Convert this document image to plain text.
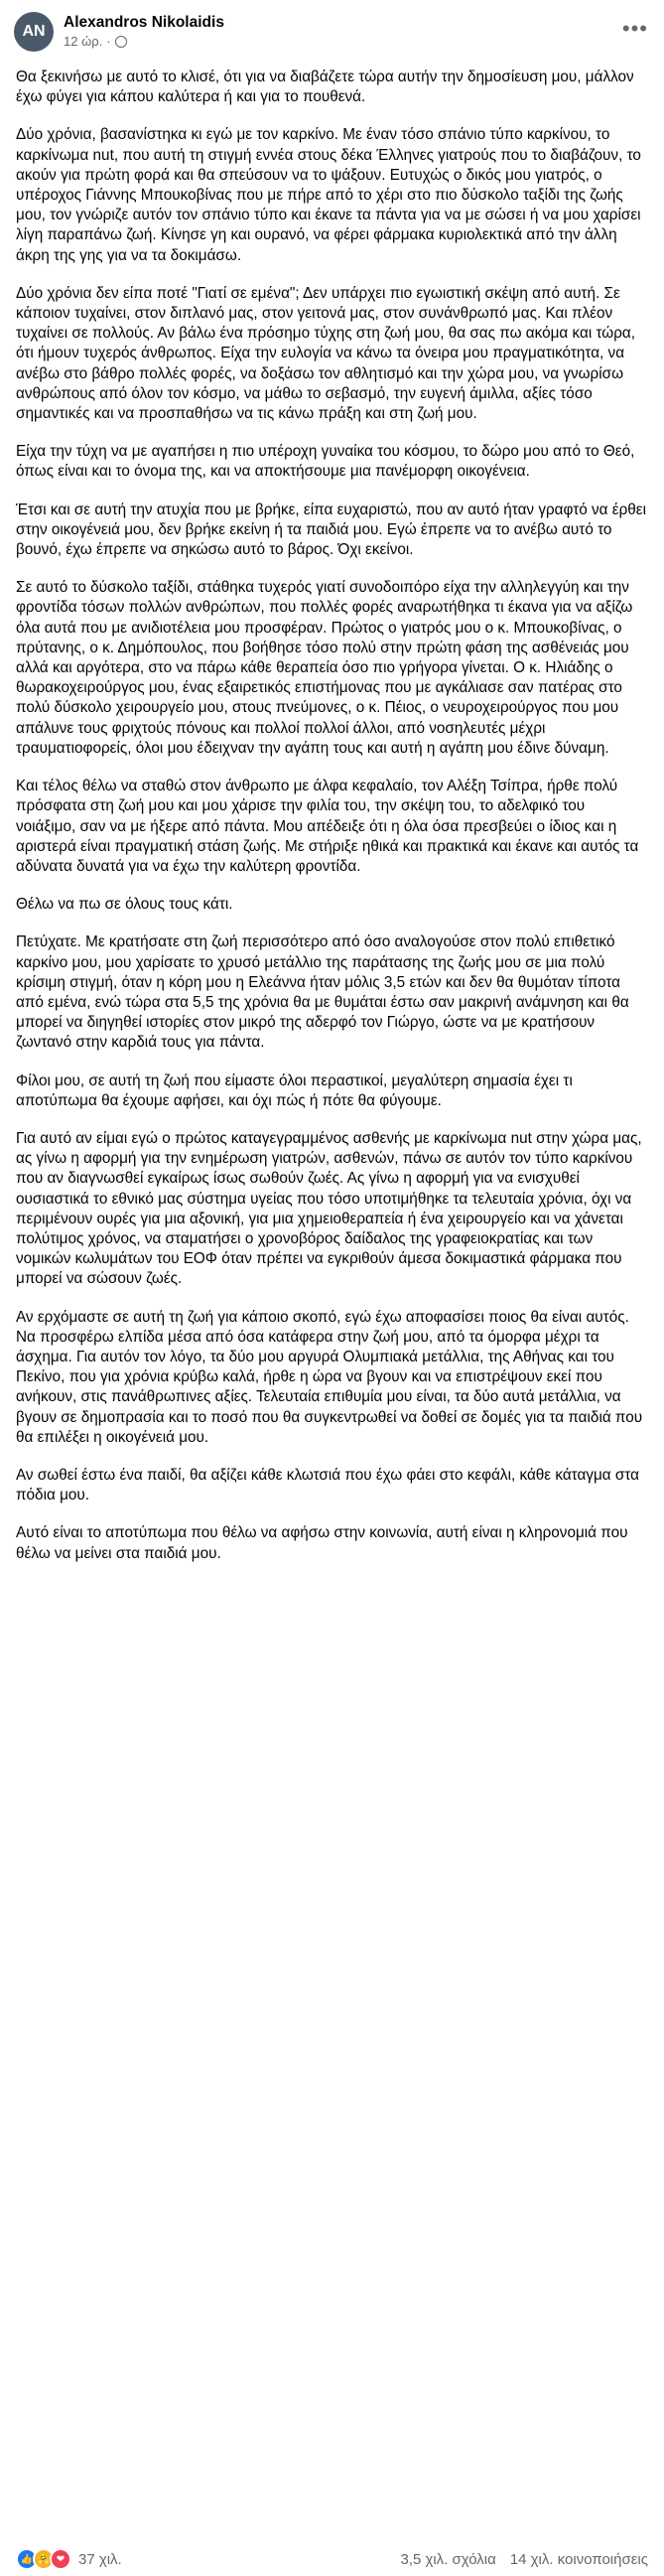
AN
Alexandros Nikolaidis
12 ώρ. ·
•••

Θα ξεκινήσω με αυτό το κλισέ, ότι για να διαβάζετε τώρα αυτήν την δημοσίευση μου, μάλλον έχω φύγει για κάπου καλύτερα ή και για το πουθενά.

Δύο χρόνια, βασανίστηκα κι εγώ με τον καρκίνο. Με έναν τόσο σπάνιο τύπο καρκίνου, το καρκίνωμα nut, που αυτή τη στιγμή εννέα στους δέκα Έλληνες γιατρούς που το διαβάζουν, το ακούν για πρώτη φορά και θα σπεύσουν να το ψάξουν. Ευτυχώς ο δικός μου γιατρός, ο υπέροχος Γιάννης Μπουκοβίνας που με πήρε από το χέρι στο πιο δύσκολο ταξίδι της ζωής μου, τον γνώριζε αυτόν τον σπάνιο τύπο και έκανε τα πάντα για να με σώσει ή να μου χαρίσει λίγη παραπάνω ζωή. Κίνησε γη και ουρανό, να φέρει φάρμακα κυριολεκτικά από την άλλη άκρη της γης για να τα δοκιμάσω.

Δύο χρόνια δεν είπα ποτέ "Γιατί σε εμένα"; Δεν υπάρχει πιο εγωιστική σκέψη από αυτή. Σε κάποιον τυχαίνει, στον διπλανό μας, στον γειτονά μας, στον συνάνθρωπό μας. Και πλέον τυχαίνει σε πολλούς. Αν βάλω ένα πρόσημο τύχης στη ζωή μου, θα σας πω ακόμα και τώρα, ότι ήμουν τυχερός άνθρωπος. Είχα την ευλογία να κάνω τα όνειρα μου πραγματικότητα, να ανέβω στο βάθρο πολλές φορές, να δοξάσω τον αθλητισμό και την χώρα μου, να γνωρίσω ανθρώπους από όλον τον κόσμο, να μάθω το σεβασμό, την ευγενή άμιλλα, αξίες τόσο σημαντικές και να προσπαθήσω να τις κάνω πράξη και στη ζωή μου.

Είχα την τύχη να με αγαπήσει η πιο υπέροχη γυναίκα του κόσμου, το δώρο μου από το Θεό, όπως είναι και το όνομα της, και να αποκτήσουμε μια πανέμορφη οικογένεια.

Έτσι και σε αυτή την ατυχία που με βρήκε, είπα ευχαριστώ, που αν αυτό ήταν γραφτό να έρθει στην οικογένειά μου, δεν βρήκε εκείνη ή τα παιδιά μου. Εγώ έπρεπε να το ανέβω αυτό το βουνό, έχω έπρεπε να σηκώσω αυτό το βάρος. Όχι εκείνοι.

Σε αυτό το δύσκολο ταξίδι, στάθηκα τυχερός γιατί συνοδοιπόρο είχα την αλληλεγγύη και την φροντίδα τόσων πολλών ανθρώπων, που πολλές φορές αναρωτήθηκα τι έκανα για να αξίζω όλα αυτά που με ανιδιοτέλεια μου προσφέραν. Πρώτος ο γιατρός μου ο κ. Μπουκοβίνας, ο πρύτανης, ο κ. Δημόπουλος, που βοήθησε τόσο πολύ στην πρώτη φάση της ασθένειάς μου αλλά και αργότερα, στο να πάρω κάθε θεραπεία όσο πιο γρήγορα γίνεται. Ο κ. Ηλιάδης ο θωρακοχειρούργος μου, ένας εξαιρετικός επιστήμονας που με αγκάλιασε σαν πατέρας στο πολύ δύσκολο χειρουργείο μου, στους πνεύμονες, ο κ. Πέιος, ο νευροχειρούργος που μου απάλυνε τους φριχτούς πόνους και πολλοί πολλοί άλλοι, από νοσηλευτές μέχρι τραυματιοφορείς, όλοι μου έδειχναν την αγάπη τους και αυτή η αγάπη μου έδινε δύναμη.

Και τέλος θέλω να σταθώ στον άνθρωπο με άλφα κεφαλαίο, τον Αλέξη Τσίπρα, ήρθε πολύ πρόσφατα στη ζωή μου και μου χάρισε την φιλία του, την σκέψη του, το αδελφικό του νοιάξιμο, σαν να με ήξερε από πάντα. Μου απέδειξε ότι η όλα όσα πρεσβεύει ο ίδιος και η αριστερά είναι πραγματική στάση ζωής. Με στήριξε ηθικά και πρακτικά και έκανε και αυτός τα αδύνατα δυνατά για να έχω την καλύτερη φροντίδα.

Θέλω να πω σε όλους τους κάτι.

Πετύχατε. Με κρατήσατε στη ζωή περισσότερο από όσο αναλογούσε στον πολύ επιθετικό καρκίνο μου, μου χαρίσατε το χρυσό μετάλλιο της παράτασης της ζωής μου σε μια πολύ κρίσιμη στιγμή, όταν η κόρη μου η Ελεάννα ήταν μόλις 3,5 ετών και δεν θα θυμόταν τίποτα από εμένα, ενώ τώρα στα 5,5 της χρόνια θα με θυμάται έστω σαν μακρινή ανάμνηση και θα μπορεί να διηγηθεί ιστορίες στον μικρό της αδερφό τον Γιώργο, ώστε να με κρατήσουν ζωντανό στην καρδιά τους για πάντα.

Φίλοι μου, σε αυτή τη ζωή που είμαστε όλοι περαστικοί, μεγαλύτερη σημασία έχει τι αποτύπωμα θα έχουμε αφήσει, και όχι πώς ή πότε θα φύγουμε.

Για αυτό αν είμαι εγώ ο πρώτος καταγεγραμμένος ασθενής με καρκίνωμα nut στην χώρα μας, ας γίνω η αφορμή για την ενημέρωση γιατρών, ασθενών, πάνω σε αυτόν τον τύπο καρκίνου που αν διαγνωσθεί εγκαίρως ίσως σωθούν ζωές. Ας γίνω η αφορμή για να ενισχυθεί ουσιαστικά το εθνικό μας σύστημα υγείας που τόσο υποτιμήθηκε τα τελευταία χρόνια, όχι να περιμένουν ουρές για μια αξονική, για μια χημειοθεραπεία ή ένα χειρουργείο και να χάνεται πολύτιμος χρόνος, να σταματήσει ο χρονοβόρος δαίδαλος της γραφειοκρατίας και των νομικών κωλυμάτων του ΕΟΦ όταν πρέπει να εγκριθούν άμεσα δοκιμαστικά φάρμακα που μπορεί να σώσουν ζωές.

Αν ερχόμαστε σε αυτή τη ζωή για κάποιο σκοπό, εγώ έχω αποφασίσει ποιος θα είναι αυτός. Να προσφέρω ελπίδα μέσα από όσα κατάφερα στην ζωή μου, από τα όμορφα μέχρι τα άσχημα. Για αυτόν τον λόγο, τα δύο μου αργυρά Ολυμπιακά μετάλλια, της Αθήνας και του Πεκίνο, που για χρόνια κρύβω καλά, ήρθε η ώρα να βγουν και να επιστρέψουν εκεί που ανήκουν, στις πανάθρωπινες αξίες. Τελευταία επιθυμία μου είναι, τα δύο αυτά μετάλλια, να βγουν σε δημοπρασία και το ποσό που θα συγκεντρωθεί να δοθεί σε δομές για τα παιδιά που θα επιλέξει η οικογένειά μου.

Αν σωθεί έστω ένα παιδί, θα αξίζει κάθε κλωτσιά που έχω φάει στο κεφάλι, κάθε κάταγμα στα πόδια μου.

Αυτό είναι το αποτύπωμα που θέλω να αφήσω στην κοινωνία, αυτή είναι η κληρονομιά που θέλω να μείνει στα παιδιά μου.

👍 🤗 ❤ 37 χιλ.	3,5 χιλ. σχόλια 14 χιλ. κοινοποιήσεις
